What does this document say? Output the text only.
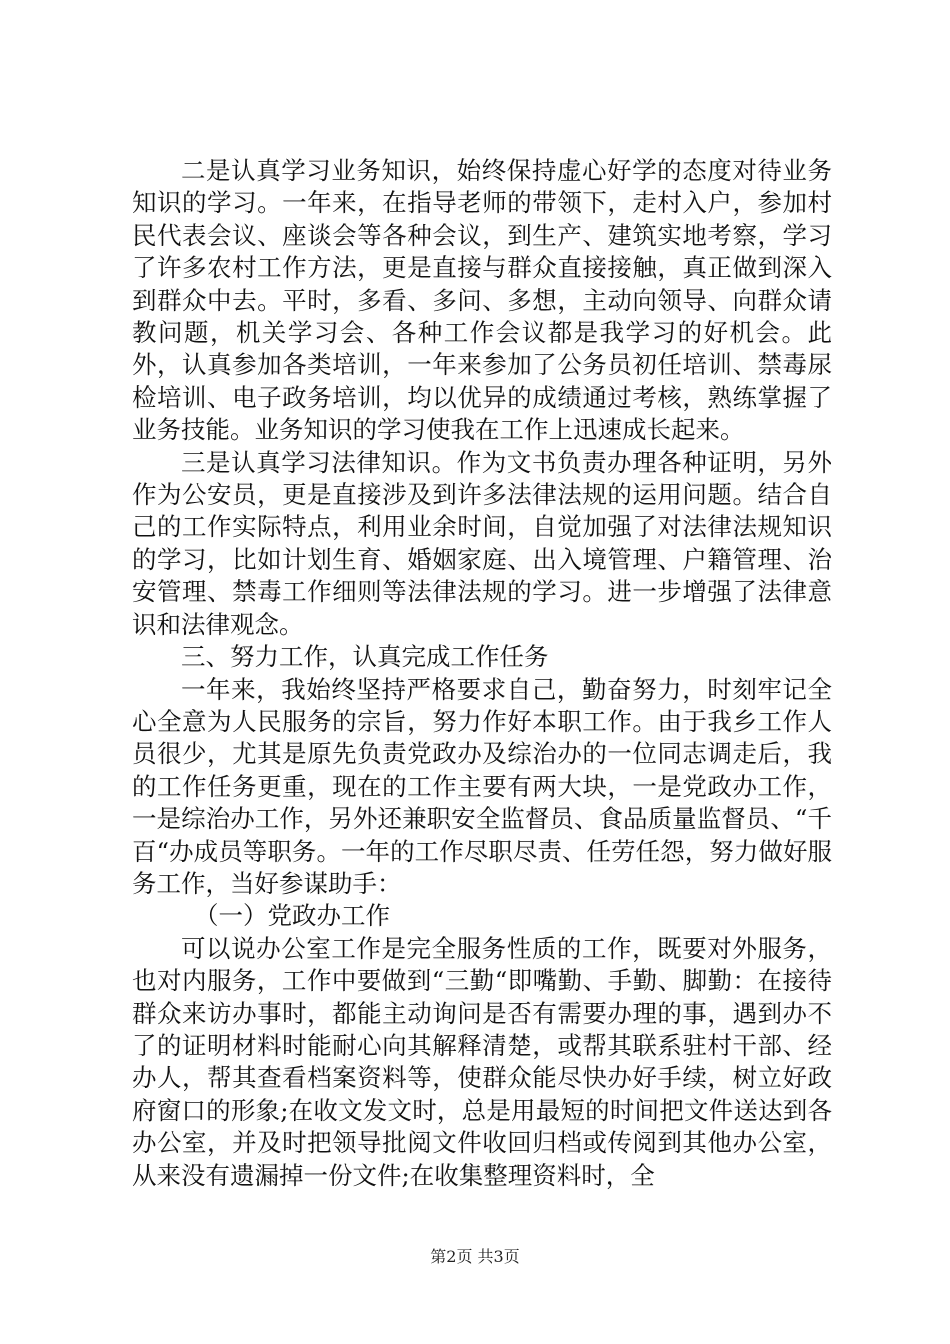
二是认真学习业务知识，始终保持虚心好学的态度对待业务知识的学习。一年来，在指导老师的带领下，走村入户，参加村民代表会议、座谈会等各种会议，到生产、建筑实地考察，学习了许多农村工作方法，更是直接与群众直接接触，真正做到深入到群众中去。平时，多看、多问、多想，主动向领导、向群众请教问题，机关学习会、各种工作会议都是我学习的好机会。此外，认真参加各类培训，一年来参加了公务员初任培训、禁毒尿检培训、电子政务培训，均以优异的成绩通过考核，熟练掌握了业务技能。业务知识的学习使我在工作上迅速成长起来。

三是认真学习法律知识。作为文书负责办理各种证明，另外作为公安员，更是直接涉及到许多法律法规的运用问题。结合自己的工作实际特点，利用业余时间，自觉加强了对法律法规知识的学习，比如计划生育、婚姻家庭、出入境管理、户籍管理、治安管理、禁毒工作细则等法律法规的学习。进一步增强了法律意识和法律观念。

三、努力工作，认真完成工作任务

一年来，我始终坚持严格要求自己，勤奋努力，时刻牢记全心全意为人民服务的宗旨，努力作好本职工作。由于我乡工作人员很少，尤其是原先负责党政办及综治办的一位同志调走后，我的工作任务更重，现在的工作主要有两大块，一是党政办工作，一是综治办工作，另外还兼职安全监督员、食品质量监督员、“千百“办成员等职务。一年的工作尽职尽责、任劳任怨，努力做好服务工作，当好参谋助手：

（一）党政办工作

可以说办公室工作是完全服务性质的工作，既要对外服务，也对内服务，工作中要做到“三勤“即嘴勤、手勤、脚勤：在接待群众来访办事时，都能主动询问是否有需要办理的事，遇到办不了的证明材料时能耐心向其解释清楚，或帮其联系驻村干部、经办人，帮其查看档案资料等，使群众能尽快办好手续，树立好政府窗口的形象;在收文发文时，总是用最短的时间把文件送达到各办公室，并及时把领导批阅文件收回归档或传阅到其他办公室，从来没有遗漏掉一份文件;在收集整理资料时，全

第2页 共3页
